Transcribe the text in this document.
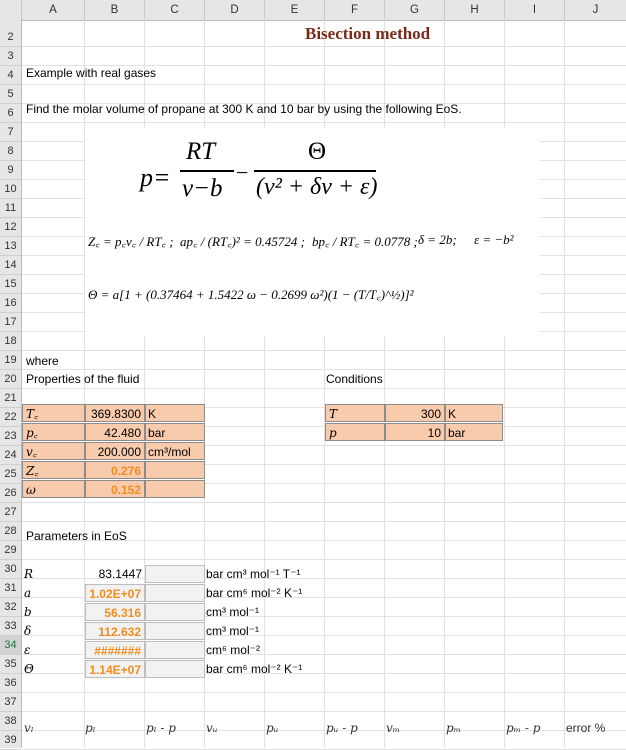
A	B	C	D	E	F	G	H	I	J
2
3
4
5
6
7
8
9
10
11
12
13
14
15
16
17
18
19
20
21
22
23
24
25
26
27
28
29
30
31
32
33
34
35
36
37
38
39
Bisection method
Example with real gases
Find the molar volume of propane at 300 K and 10 bar by using the following EoS.
p=
RT
v−b
−
Θ
(v² + δv + ε)
Z꜀ = p꜀v꜀ / RT꜀ ; ap꜀ / (RT꜀)² = 0.45724 ; bp꜀ / RT꜀ = 0.0778 ; δ = 2b; ε = −b²
Θ = a[1 + (0.37464 + 1.5422 ω − 0.2699 ω²)(1 − (T/T꜀)^½)]²
where
Properties of the fluid	Conditions
T꜀	369.8300 K
p꜀	42.480 bar
v꜀	200.000 cm³/mol
Z꜀	0.276
ω	0.152
T	300 K
p	10 bar
Parameters in EoS
R	83.1447	bar cm³ mol⁻¹ T⁻¹
a	1.02E+07	bar cm⁶ mol⁻² K⁻¹
b	56.316	cm³ mol⁻¹
δ	112.632	cm³ mol⁻¹
ε	#######	cm⁶ mol⁻²
Θ	1.14E+07	bar cm⁶ mol⁻² K⁻¹
vₗ	pₗ	pₗ - p	vᵤ	pᵤ	pᵤ - p	vₘ	pₘ	pₘ - p	error %
